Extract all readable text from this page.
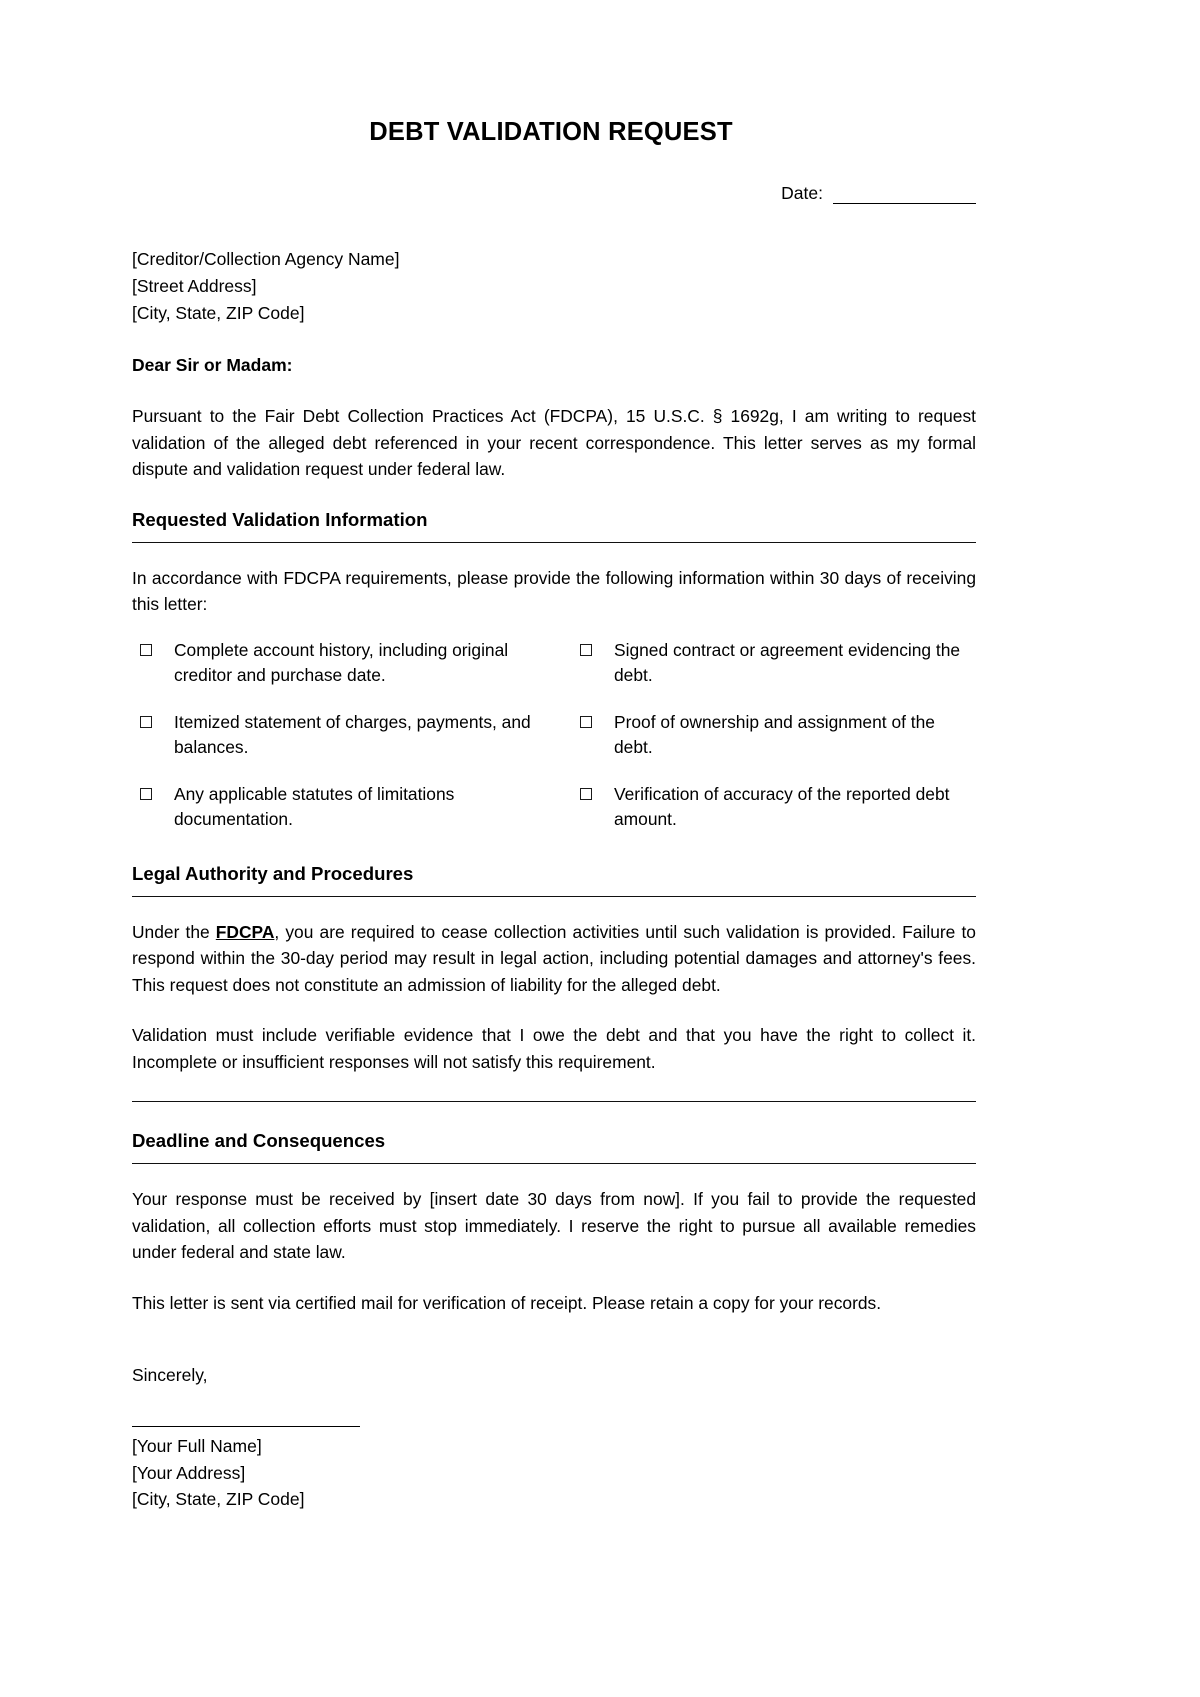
DEBT VALIDATION REQUEST
Date:
[Creditor/Collection Agency Name]
[Street Address]
[City, State, ZIP Code]
Dear Sir or Madam:

Pursuant to the Fair Debt Collection Practices Act (FDCPA), 15 U.S.C. § 1692g, I am writing to request validation of the alleged debt referenced in your recent correspondence. This letter serves as my formal dispute and validation request under federal law.

Requested Validation Information

In accordance with FDCPA requirements, please provide the following information within 30 days of receiving this letter:

Complete account history, including original creditor and purchase date.
Itemized statement of charges, payments, and balances.
Any applicable statutes of limitations documentation.
Signed contract or agreement evidencing the debt.
Proof of ownership and assignment of the debt.
Verification of accuracy of the reported debt amount.
Legal Authority and Procedures

Under the FDCPA, you are required to cease collection activities until such validation is provided. Failure to respond within the 30-day period may result in legal action, including potential damages and attorney's fees. This request does not constitute an admission of liability for the alleged debt.

Validation must include verifiable evidence that I owe the debt and that you have the right to collect it. Incomplete or insufficient responses will not satisfy this requirement.

Deadline and Consequences

Your response must be received by [insert date 30 days from now]. If you fail to provide the requested validation, all collection efforts must stop immediately. I reserve the right to pursue all available remedies under federal and state law.

This letter is sent via certified mail for verification of receipt. Please retain a copy for your records.

Sincerely,
[Your Full Name]
[Your Address]
[City, State, ZIP Code]
